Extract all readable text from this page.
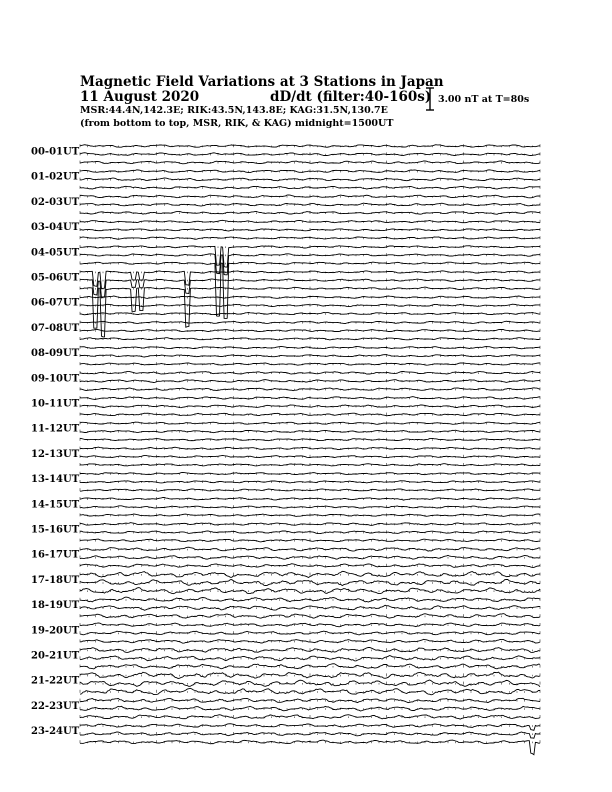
Magnetic Field Variations at 3 Stations in Japan
11 August 2020	dD/dt (filter:40-160s)
MSR:44.4N,142.3E; RIK:43.5N,143.8E; KAG:31.5N,130.7E
(from bottom to top, MSR, RIK, & KAG) midnight=1500UT
3.00 nT at T=80s
00-01UT
01-02UT
02-03UT
03-04UT
04-05UT
05-06UT
06-07UT
07-08UT
08-09UT
09-10UT
10-11UT
11-12UT
12-13UT
13-14UT
14-15UT
15-16UT
16-17UT
17-18UT
18-19UT
19-20UT
20-21UT
21-22UT
22-23UT
23-24UT
